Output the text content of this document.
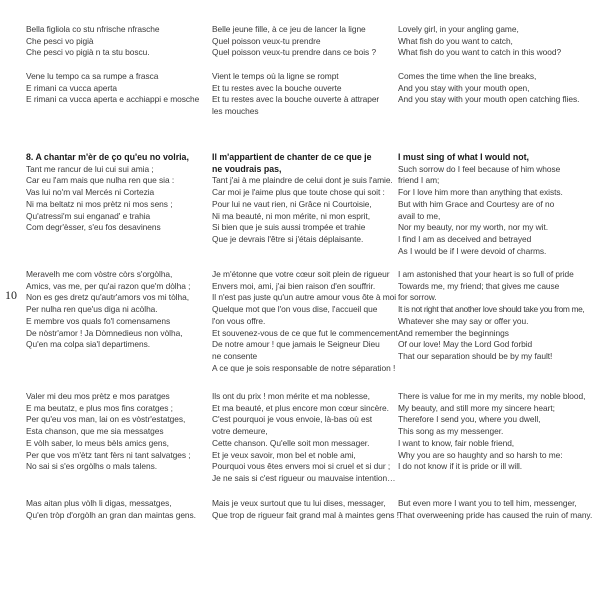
10
Bella figliola co stu nfrische nfrasche
Che pesci vo pigià
Che pesci vo pigià n ta stu boscu.
Vene lu tempo ca sa rumpe a frasca
E rimani ca vucca aperta
E rimani ca vucca aperta e acchiappi e mosche
8. A chantar m'èr de ço qu'eu no volria,
Tant me rancur de lui cui sui amia ;
Car eu l'am mais que nulha ren que sia :
Vas lui no'm val Mercés ni Cortezia
Ni ma beltatz ni mos prètz ni mos sens ;
Qu'atressi'm sui enganad' e trahia
Com degr'èsser, s'eu fos desavinens
Meravelh me com vòstre còrs s'orgòlha,
Amics, vas me, per qu'ai razon que'm dòlha ;
Non es ges dretz qu'autr'amors vos mi tòlha,
Per nulha ren que'us diga ni acòlha.
E membre vos quals fo'l comensamens
De nòstr'amor ! Ja Dòmnedieus non vòlha,
Qu'en ma colpa sia'l departimens.
Valer mi deu mos prètz e mos paratges
E ma beutatz, e plus mos fins coratges ;
Per qu'eu vos man, lai on es vòstr'estatges,
Esta chanson, que me sia messatges
E vòlh saber, lo meus bèls amics gens,
Per que vos m'ètz tant fèrs ni tant salvatges ;
No sai si s'es orgòlhs o mals talens.
Mas aitan plus vòlh li digas, messatges,
Qu'en tròp d'orgòlh an gran dan maintas gens.
Belle jeune fille, à ce jeu de lancer la ligne
Quel poisson veux-tu prendre
Quel poisson veux-tu prendre dans ce bois ?
Vient le temps où la ligne se rompt
Et tu restes avec la bouche ouverte
Et tu restes avec la bouche ouverte à attraper
les mouches
Il m'appartient de chanter de ce que je ne voudrais pas,
Tant j'ai à me plaindre de celui dont je suis l'amie.
Car moi je l'aime plus que toute chose qui soit :
Pour lui ne vaut rien, ni Grâce ni Courtoisie,
Ni ma beauté, ni mon mérite, ni mon esprit,
Si bien que je suis aussi trompée et trahie
Que je devrais l'être si j'étais déplaisante.
Je m'étonne que votre cœur soit plein de rigueur
Envers moi, ami, j'ai bien raison d'en souffrir.
Il n'est pas juste qu'un autre amour vous ôte à moi
Quelque mot que l'on vous dise, l'accueil que
l'on vous offre.
Et souvenez-vous de ce que fut le commencement
De notre amour ! que jamais le Seigneur Dieu
ne consente
A ce que je sois responsable de notre séparation !
Ils ont du prix ! mon mérite et ma noblesse,
Et ma beauté, et plus encore mon cœur sincère.
C'est pourquoi je vous envoie, là-bas où est
votre demeure,
Cette chanson. Qu'elle soit mon messager.
Et je veux savoir, mon bel et noble ami,
Pourquoi vous êtes envers moi si cruel et si dur ;
Je ne sais si c'est rigueur ou mauvaise intention…
Mais je veux surtout que tu lui dises, messager,
Que trop de rigueur fait grand mal à maintes gens !
Lovely girl, in your angling game,
What fish do you want to catch,
What fish do you want to catch in this wood?
Comes the time when the line breaks,
And you stay with your mouth open,
And you stay with your mouth open catching flies.
I must sing of what I would not,
Such sorrow do I feel because of him whose
friend I am;
For I love him more than anything that exists.
But with him Grace and Courtesy are of no
avail to me,
Nor my beauty, nor my worth, nor my wit.
I find I am as deceived and betrayed
As I would be if I were devoid of charms.
I am astonished that your heart is so full of pride
Towards me, my friend; that gives me cause
for sorrow.
It is not right that another love should take you from me,
Whatever she may say or offer you.
And remember the beginnings
Of our love! May the Lord God forbid
That our separation should be by my fault!
There is value for me in my merits, my noble blood,
My beauty, and still more my sincere heart;
Therefore I send you, where you dwell,
This song as my messenger.
I want to know, fair noble friend,
Why you are so haughty and so harsh to me:
I do not know if it is pride or ill will.
But even more I want you to tell him, messenger,
That overweening pride has caused the ruin of many.
